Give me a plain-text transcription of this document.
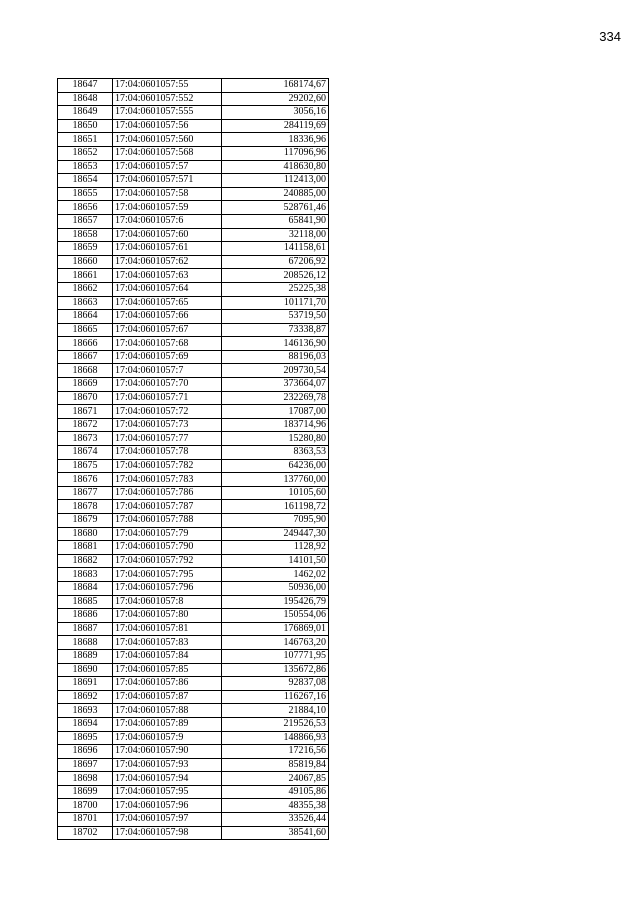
334
18647	17:04:0601057:55	168174,67
18648	17:04:0601057:552	29202,60
18649	17:04:0601057:555	3056,16
18650	17:04:0601057:56	284119,69
18651	17:04:0601057:560	18336,96
18652	17:04:0601057:568	117096,96
18653	17:04:0601057:57	418630,80
18654	17:04:0601057:571	112413,00
18655	17:04:0601057:58	240885,00
18656	17:04:0601057:59	528761,46
18657	17:04:0601057:6	65841,90
18658	17:04:0601057:60	32118,00
18659	17:04:0601057:61	141158,61
18660	17:04:0601057:62	67206,92
18661	17:04:0601057:63	208526,12
18662	17:04:0601057:64	25225,38
18663	17:04:0601057:65	101171,70
18664	17:04:0601057:66	53719,50
18665	17:04:0601057:67	73338,87
18666	17:04:0601057:68	146136,90
18667	17:04:0601057:69	88196,03
18668	17:04:0601057:7	209730,54
18669	17:04:0601057:70	373664,07
18670	17:04:0601057:71	232269,78
18671	17:04:0601057:72	17087,00
18672	17:04:0601057:73	183714,96
18673	17:04:0601057:77	15280,80
18674	17:04:0601057:78	8363,53
18675	17:04:0601057:782	64236,00
18676	17:04:0601057:783	137760,00
18677	17:04:0601057:786	10105,60
18678	17:04:0601057:787	161198,72
18679	17:04:0601057:788	7095,90
18680	17:04:0601057:79	249447,30
18681	17:04:0601057:790	1128,92
18682	17:04:0601057:792	14101,50
18683	17:04:0601057:795	1462,02
18684	17:04:0601057:796	50936,00
18685	17:04:0601057:8	195426,79
18686	17:04:0601057:80	150554,06
18687	17:04:0601057:81	176869,01
18688	17:04:0601057:83	146763,20
18689	17:04:0601057:84	107771,95
18690	17:04:0601057:85	135672,86
18691	17:04:0601057:86	92837,08
18692	17:04:0601057:87	116267,16
18693	17:04:0601057:88	21884,10
18694	17:04:0601057:89	219526,53
18695	17:04:0601057:9	148866,93
18696	17:04:0601057:90	17216,56
18697	17:04:0601057:93	85819,84
18698	17:04:0601057:94	24067,85
18699	17:04:0601057:95	49105,86
18700	17:04:0601057:96	48355,38
18701	17:04:0601057:97	33526,44
18702	17:04:0601057:98	38541,60
